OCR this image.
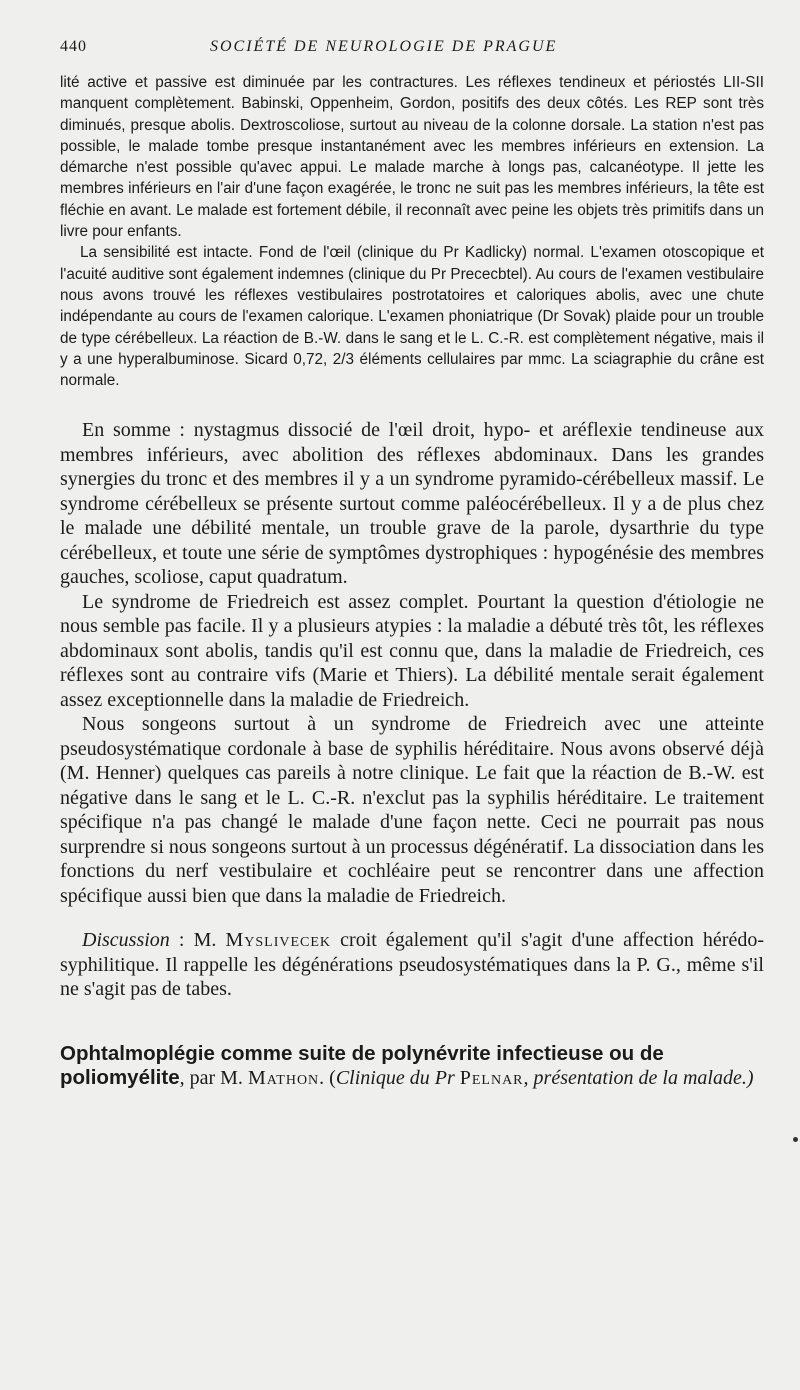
440	SOCIÉTÉ DE NEUROLOGIE DE PRAGUE

lité active et passive est diminuée par les contractures. Les réflexes tendineux et périostés LII-SII manquent complètement. Babinski, Oppenheim, Gordon, positifs des deux côtés. Les REP sont très diminués, presque abolis. Dextroscoliose, surtout au niveau de la colonne dorsale. La station n'est pas possible, le malade tombe presque instantanément avec les membres inférieurs en extension. La démarche n'est possible qu'avec appui. Le malade marche à longs pas, calcanéotype. Il jette les membres inférieurs en l'air d'une façon exagérée, le tronc ne suit pas les membres inférieurs, la tête est fléchie en avant. Le malade est fortement débile, il reconnaît avec peine les objets très primitifs dans un livre pour enfants.

La sensibilité est intacte. Fond de l'œil (clinique du Pr Kadlicky) normal. L'examen otoscopique et l'acuité auditive sont également indemnes (clinique du Pr Prececbtel). Au cours de l'examen vestibulaire nous avons trouvé les réflexes vestibulaires postrotatoires et caloriques abolis, avec une chute indépendante au cours de l'examen calorique. L'examen phoniatrique (Dr Sovak) plaide pour un trouble de type cérébelleux. La réaction de B.-W. dans le sang et le L. C.-R. est complètement négative, mais il y a une hyperalbuminose. Sicard 0,72, 2/3 éléments cellulaires par mmc. La sciagraphie du crâne est normale.

En somme : nystagmus dissocié de l'œil droit, hypo- et aréflexie tendineuse aux membres inférieurs, avec abolition des réflexes abdominaux. Dans les grandes synergies du tronc et des membres il y a un syndrome pyramido-cérébelleux massif. Le syndrome cérébelleux se présente surtout comme paléocérébelleux. Il y a de plus chez le malade une débilité mentale, un trouble grave de la parole, dysarthrie du type cérébelleux, et toute une série de symptômes dystrophiques : hypogénésie des membres gauches, scoliose, caput quadratum.

Le syndrome de Friedreich est assez complet. Pourtant la question d'étiologie ne nous semble pas facile. Il y a plusieurs atypies : la maladie a débuté très tôt, les réflexes abdominaux sont abolis, tandis qu'il est connu que, dans la maladie de Friedreich, ces réflexes sont au contraire vifs (Marie et Thiers). La débilité mentale serait également assez exceptionnelle dans la maladie de Friedreich.

Nous songeons surtout à un syndrome de Friedreich avec une atteinte pseudosystématique cordonale à base de syphilis héréditaire. Nous avons observé déjà (M. Henner) quelques cas pareils à notre clinique. Le fait que la réaction de B.-W. est négative dans le sang et le L. C.-R. n'exclut pas la syphilis héréditaire. Le traitement spécifique n'a pas changé le malade d'une façon nette. Ceci ne pourrait pas nous surprendre si nous songeons surtout à un processus dégénératif. La dissociation dans les fonctions du nerf vestibulaire et cochléaire peut se rencontrer dans une affection spécifique aussi bien que dans la maladie de Friedreich.

Discussion : M. Myslivecek croit également qu'il s'agit d'une affection hérédo-syphilitique. Il rappelle les dégénérations pseudosystématiques dans la P. G., même s'il ne s'agit pas de tabes.

Ophtalmoplégie comme suite de polynévrite infectieuse ou de poliomyélite, par M. Mathon. (Clinique du Pr Pelnar, présentation de la malade.)
